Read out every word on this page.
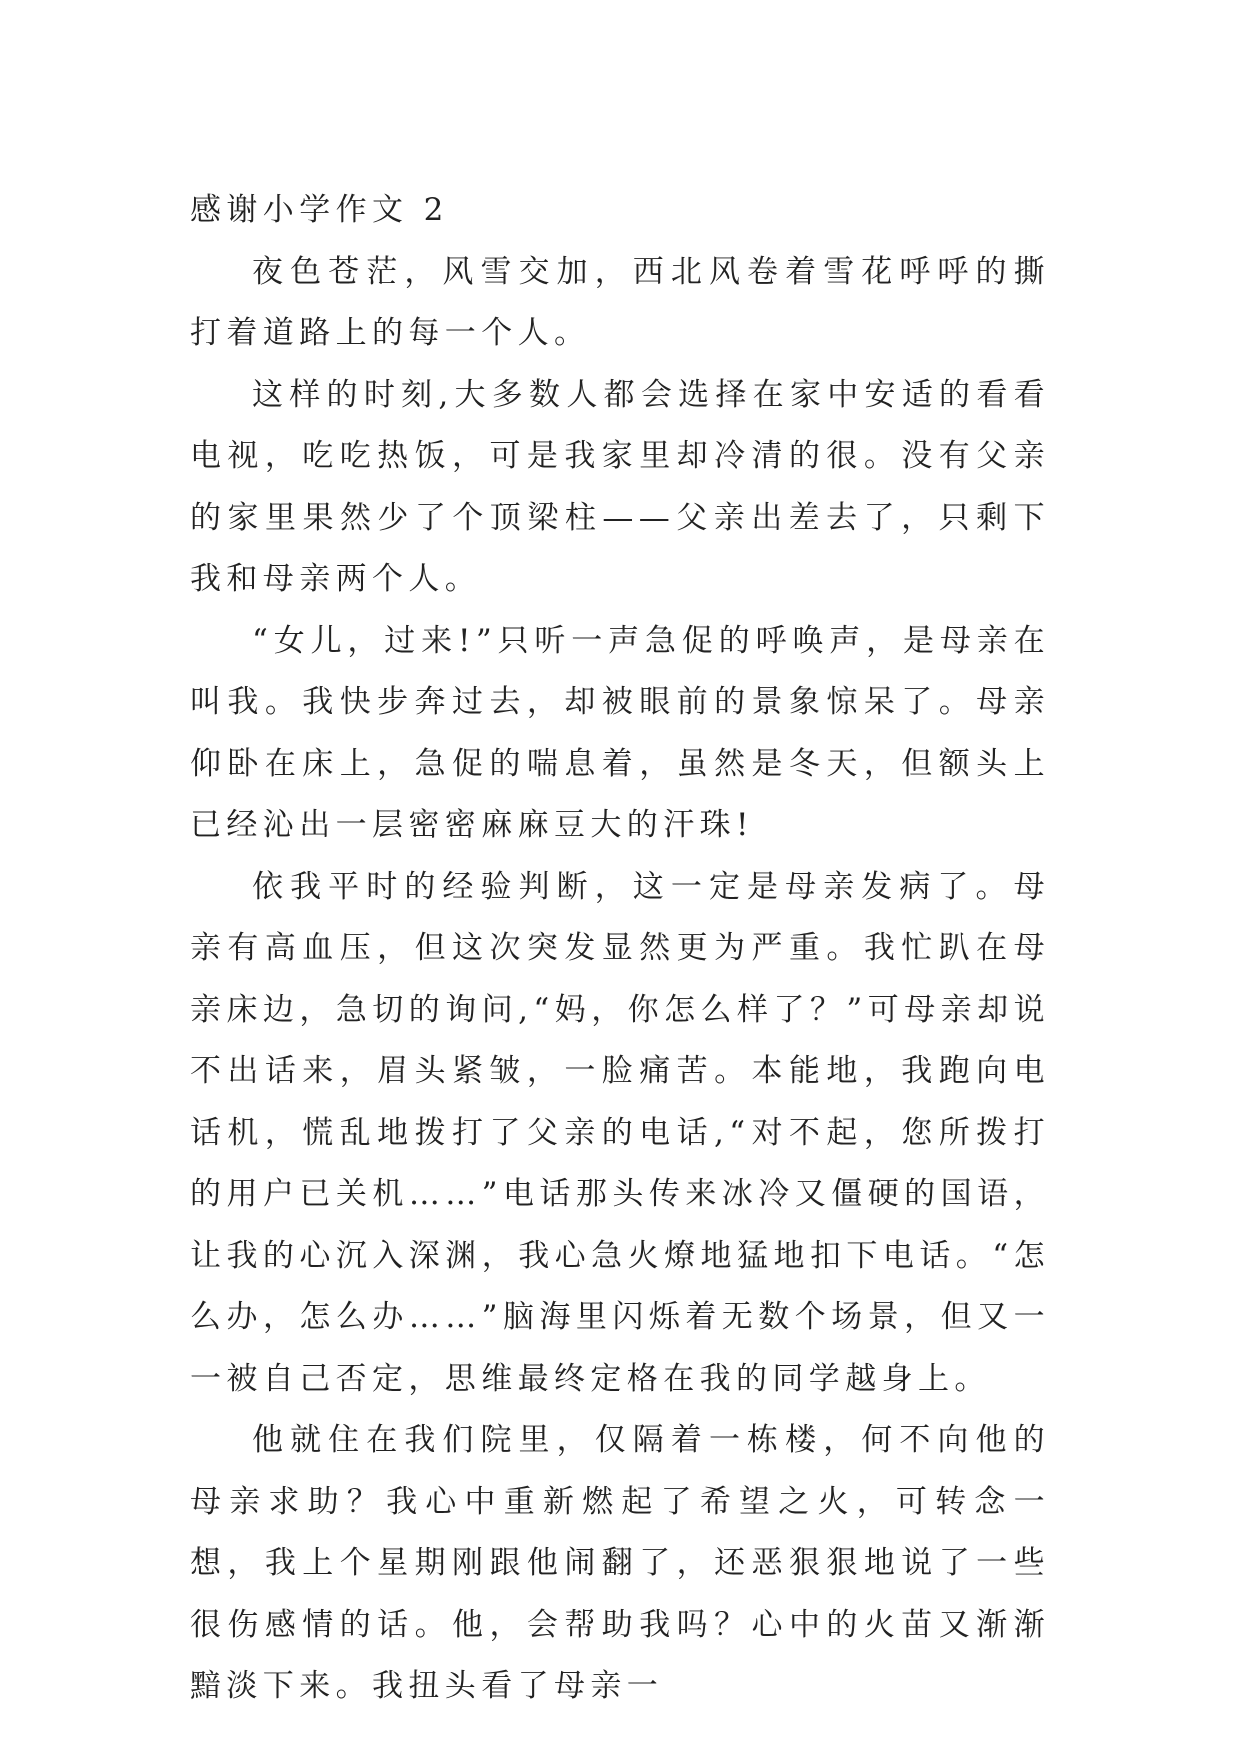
感谢小学作文 2

夜色苍茫，风雪交加，西北风卷着雪花呼呼的撕打着道路上的每一个人。

这样的时刻,大多数人都会选择在家中安适的看看电视，吃吃热饭，可是我家里却冷清的很。没有父亲的家里果然少了个顶梁柱——父亲出差去了，只剩下我和母亲两个人。

“女儿，过来!”只听一声急促的呼唤声，是母亲在叫我。我快步奔过去，却被眼前的景象惊呆了。母亲仰卧在床上，急促的喘息着，虽然是冬天，但额头上已经沁出一层密密麻麻豆大的汗珠!

依我平时的经验判断，这一定是母亲发病了。母亲有高血压，但这次突发显然更为严重。我忙趴在母亲床边，急切的询问,“妈，你怎么样了？”可母亲却说不出话来，眉头紧皱，一脸痛苦。本能地，我跑向电话机，慌乱地拨打了父亲的电话,“对不起，您所拨打的用户已关机……”电话那头传来冰冷又僵硬的国语，让我的心沉入深渊，我心急火燎地猛地扣下电话。“怎么办，怎么办……”脑海里闪烁着无数个场景，但又一一被自己否定，思维最终定格在我的同学越身上。

他就住在我们院里，仅隔着一栋楼，何不向他的母亲求助？我心中重新燃起了希望之火，可转念一想，我上个星期刚跟他闹翻了，还恶狠狠地说了一些很伤感情的话。他，会帮助我吗？心中的火苗又渐渐黯淡下来。我扭头看了母亲一
